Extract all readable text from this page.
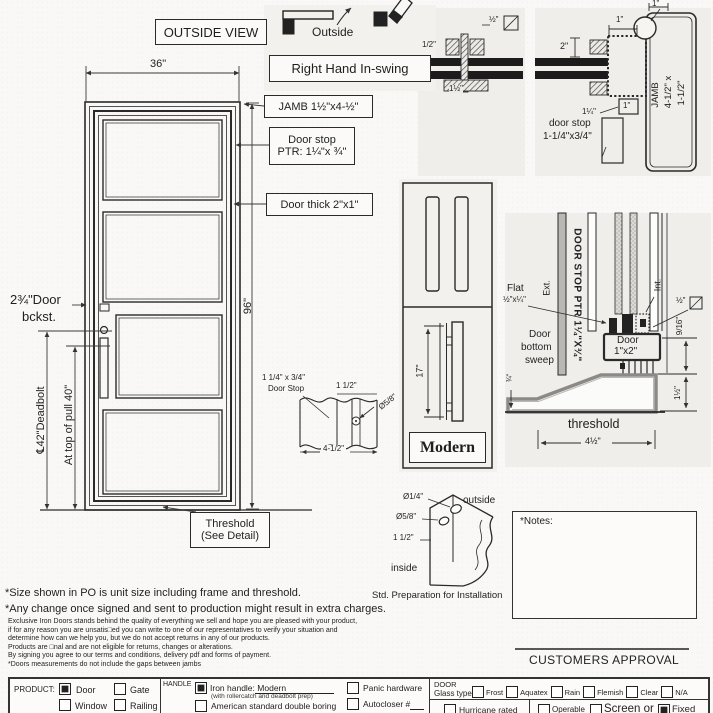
OUTSIDE VIEW
36"
96"
Outside
Right Hand In-swing
JAMB 1½"x4-½"
Door stop
PTR: 1¼"x ¾"
Door thick 2"x1"
2¾"Door
bckst.
℄42"Deadbolt At top of pull 40"
Threshold
(See Detail)
1/2"
½"
1½"
1"
1"
2"
1"
1¼"
door stop
1-1/4"x3/4"
JAMB 4-1/2" x 1-1/2"
1 1/4" x 3/4"
Door Stop	1 1/2"
Ø5/8"
4-1/2"
17"
Modern
DOOR STOP PTR 1¼"X¾"
Flat
½"x¼"
Ext.	Int.
½"
Door
bottom
sweep
Door
1"x2"
¾"
threshold
4½"
9/16"
1½"
Ø1/4"
Ø5/8"
1 1/2"
outside
inside
Std. Preparation for Installation
*Notes:
CUSTOMERS APPROVAL
*Size shown in PO is unit size including frame and threshold.
*Any change once signed and sent to production might result in extra charges.
Exclusive Iron Doors stands behind the quality of everything we sell and hope you are pleased with your product,
if for any reason you are unsatis□ed you can write to one of our representatives to verify your situation and
determine how can we help you, but we do not accept returns in any of our products.
Products are □nal and are not eligible for returns, changes or alterations.
By signing you agree to our terms and conditions, delivery pdf and forms of payment.
*Doors measurements do not include the gaps between jambs
PRODUCT: Door	Gate
Window	Railing
HANDLE Iron handle: Modern
(with rollercatch and deadbolt prep)
American standard double boring
Panic hardware
Autocloser #
DOOR
Glass type Frost Aquatex Rain Flemish Clear N/A
Hurricane rated	Operable Screen or Fixed
